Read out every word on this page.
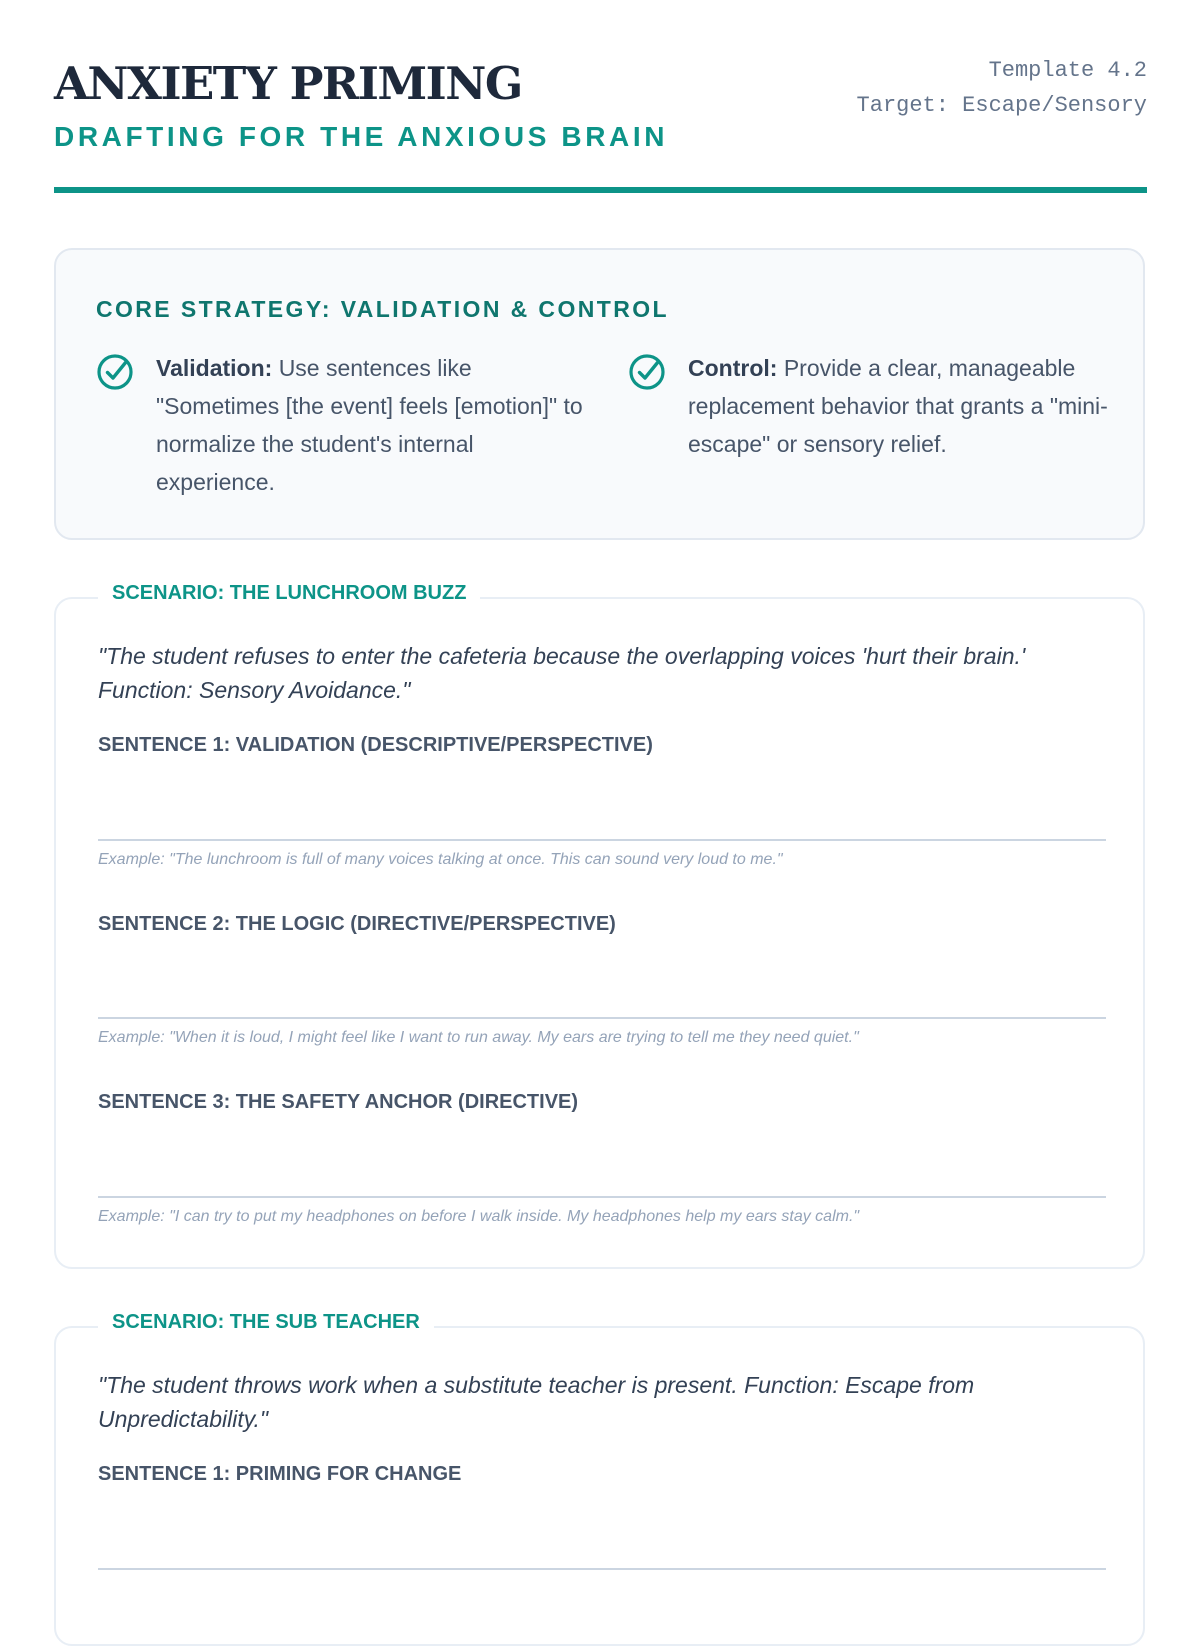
ANXIETY PRIMING
DRAFTING FOR THE ANXIOUS BRAIN
Template 4.2
Target: Escape/Sensory
CORE STRATEGY: VALIDATION & CONTROL
Validation: Use sentences like "Sometimes [the event] feels [emotion]" to normalize the student's internal experience.
Control: Provide a clear, manageable replacement behavior that grants a "mini-escape" or sensory relief.
SCENARIO: THE LUNCHROOM BUZZ
"The student refuses to enter the cafeteria because the overlapping voices 'hurt their brain.' Function: Sensory Avoidance."
SENTENCE 1: VALIDATION (DESCRIPTIVE/PERSPECTIVE)
Example: "The lunchroom is full of many voices talking at once. This can sound very loud to me."
SENTENCE 2: THE LOGIC (DIRECTIVE/PERSPECTIVE)
Example: "When it is loud, I might feel like I want to run away. My ears are trying to tell me they need quiet."
SENTENCE 3: THE SAFETY ANCHOR (DIRECTIVE)
Example: "I can try to put my headphones on before I walk inside. My headphones help my ears stay calm."
SCENARIO: THE SUB TEACHER
"The student throws work when a substitute teacher is present. Function: Escape from Unpredictability."
SENTENCE 1: PRIMING FOR CHANGE
